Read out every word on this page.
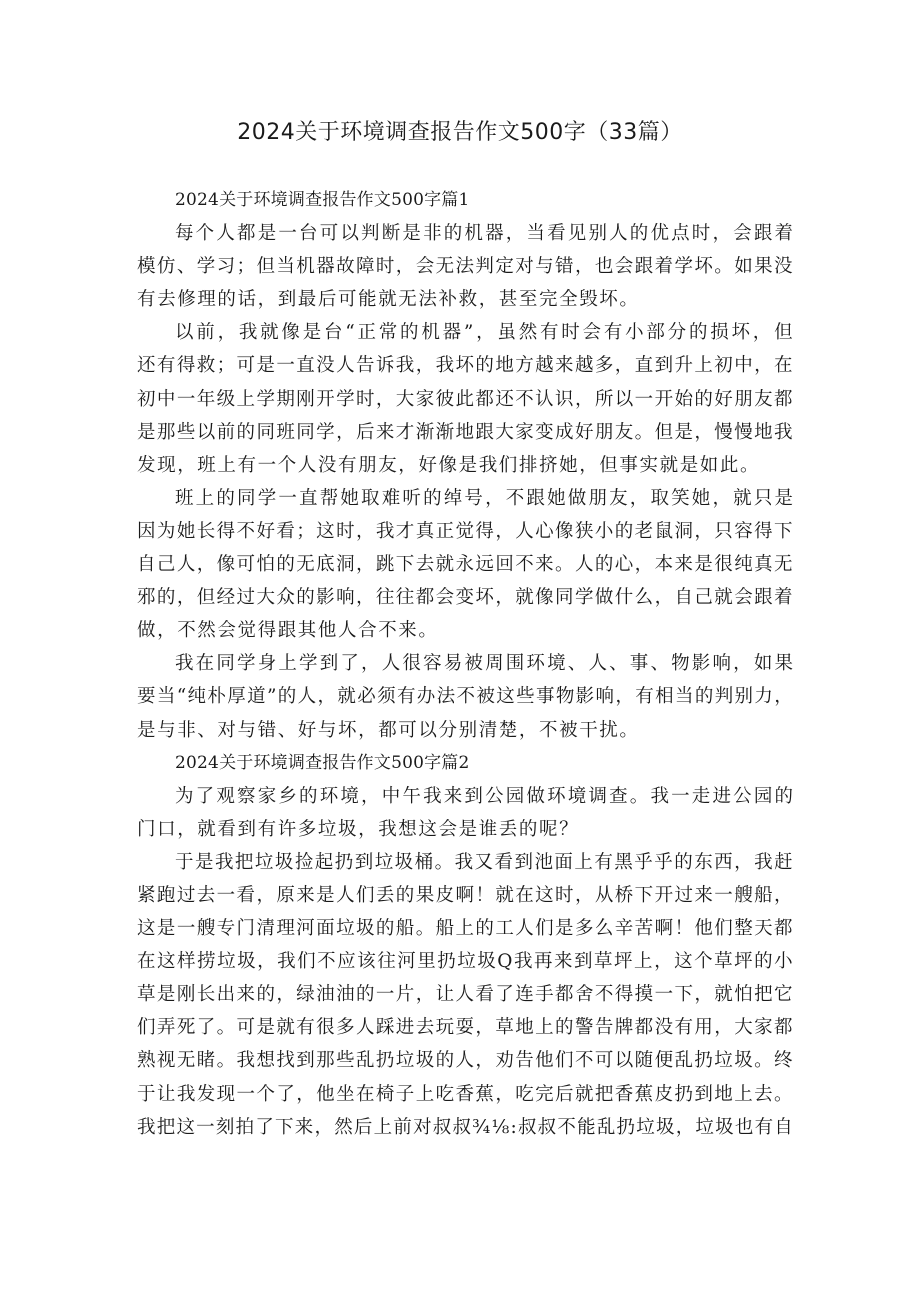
2024关于环境调查报告作文500字（33篇）
2024关于环境调查报告作文500字篇1
每 个 人 都 是 一 台 可 以 判 断 是 非 的 机 器 ， 当 看 见 别 人 的 优 点 时 ， 会 跟 着
模 仿 、 学 习 ； 但 当 机 器 故 障 时 ， 会 无 法 判 定 对 与 错 ， 也 会 跟 着 学 坏 。 如 果 没
有去修理的话，到最后可能就无法补救，甚至完全毁坏。
以 前 ， 我 就 像 是 台 “ 正 常 的 机 器 ” ， 虽 然 有 时 会 有 小 部 分 的 损 坏 ， 但
还 有 得 救 ； 可 是 一 直 没 人 告 诉 我 ， 我 坏 的 地 方 越 来 越 多 ， 直 到 升 上 初 中 ， 在
初 中 一 年 级 上 学 期 刚 开 学 时 ， 大 家 彼 此 都 还 不 认 识 ， 所 以 一 开 始 的 好 朋 友 都
是 那 些 以 前 的 同 班 同 学 ， 后 来 才 渐 渐 地 跟 大 家 变 成 好 朋 友 。 但 是 ， 慢 慢 地 我
发现，班上有一个人没有朋友，好像是我们排挤她，但事实就是如此。
班 上 的 同 学 一 直 帮 她 取 难 听 的 绰 号 ， 不 跟 她 做 朋 友 ， 取 笑 她 ， 就 只 是
因 为 她 长 得 不 好 看 ； 这 时 ， 我 才 真 正 觉 得 ， 人 心 像 狭 小 的 老 鼠 洞 ， 只 容 得 下
自 己 人 ， 像 可 怕 的 无 底 洞 ， 跳 下 去 就 永 远 回 不 来 。 人 的 心 ， 本 来 是 很 纯 真 无
邪 的 ， 但 经 过 大 众 的 影 响 ， 往 往 都 会 变 坏 ， 就 像 同 学 做 什 么 ， 自 己 就 会 跟 着
做，不然会觉得跟其他人合不来。
我 在 同 学 身 上 学 到 了 ， 人 很 容 易 被 周 围 环 境 、 人 、 事 、 物 影 响 ， 如 果
要 当 “ 纯 朴 厚 道 ” 的 人 ， 就 必 须 有 办 法 不 被 这 些 事 物 影 响 ， 有 相 当 的 判 别 力 ，
是与非、对与错、好与坏，都可以分别清楚，不被干扰。
2024关于环境调查报告作文500字篇2
为 了 观 察 家 乡 的 环 境 ， 中 午 我 来 到 公 园 做 环 境 调 查 。 我 一 走 进 公 园 的
门口，就看到有许多垃圾，我想这会是谁丢的呢？
于 是 我 把 垃 圾 捡 起 扔 到 垃 圾 桶 。 我 又 看 到 池 面 上 有 黑 乎 乎 的 东 西 ， 我 赶
紧 跑 过 去 一 看 ， 原 来 是 人 们 丢 的 果 皮 啊 ！ 就 在 这 时 ， 从 桥 下 开 过 来 一 艘 船 ，
这 是 一 艘 专 门 清 理 河 面 垃 圾 的 船 。 船 上 的 工 人 们 是 多 么 辛 苦 啊 ！ 他 们 整 天 都
在 这 样 捞 垃 圾 ， 我 们 不 应 该 往 河 里 扔 垃 圾 Q 我 再 来 到 草 坪 上 ， 这 个 草 坪 的 小
草 是 刚 长 出 来 的 ， 绿 油 油 的 一 片 ， 让 人 看 了 连 手 都 舍 不 得 摸 一 下 ， 就 怕 把 它
们 弄 死 了 。 可 是 就 有 很 多 人 踩 进 去 玩 耍 ， 草 地 上 的 警 告 牌 都 没 有 用 ， 大 家 都
熟 视 无 睹 。 我 想 找 到 那 些 乱 扔 垃 圾 的 人 ， 劝 告 他 们 不 可 以 随 便 乱 扔 垃 圾 。 终
于 让 我 发 现 一 个 了 ， 他 坐 在 椅 子 上 吃 香 蕉 ， 吃 完 后 就 把 香 蕉 皮 扔 到 地 上 去 。
我 把 这 一 刻 拍 了 下 来 ， 然 后 上 前 对 叔 叔 ¾ ⅛ : 叔 叔 不 能 乱 扔 垃 圾 ， 垃 圾 也 有 自
